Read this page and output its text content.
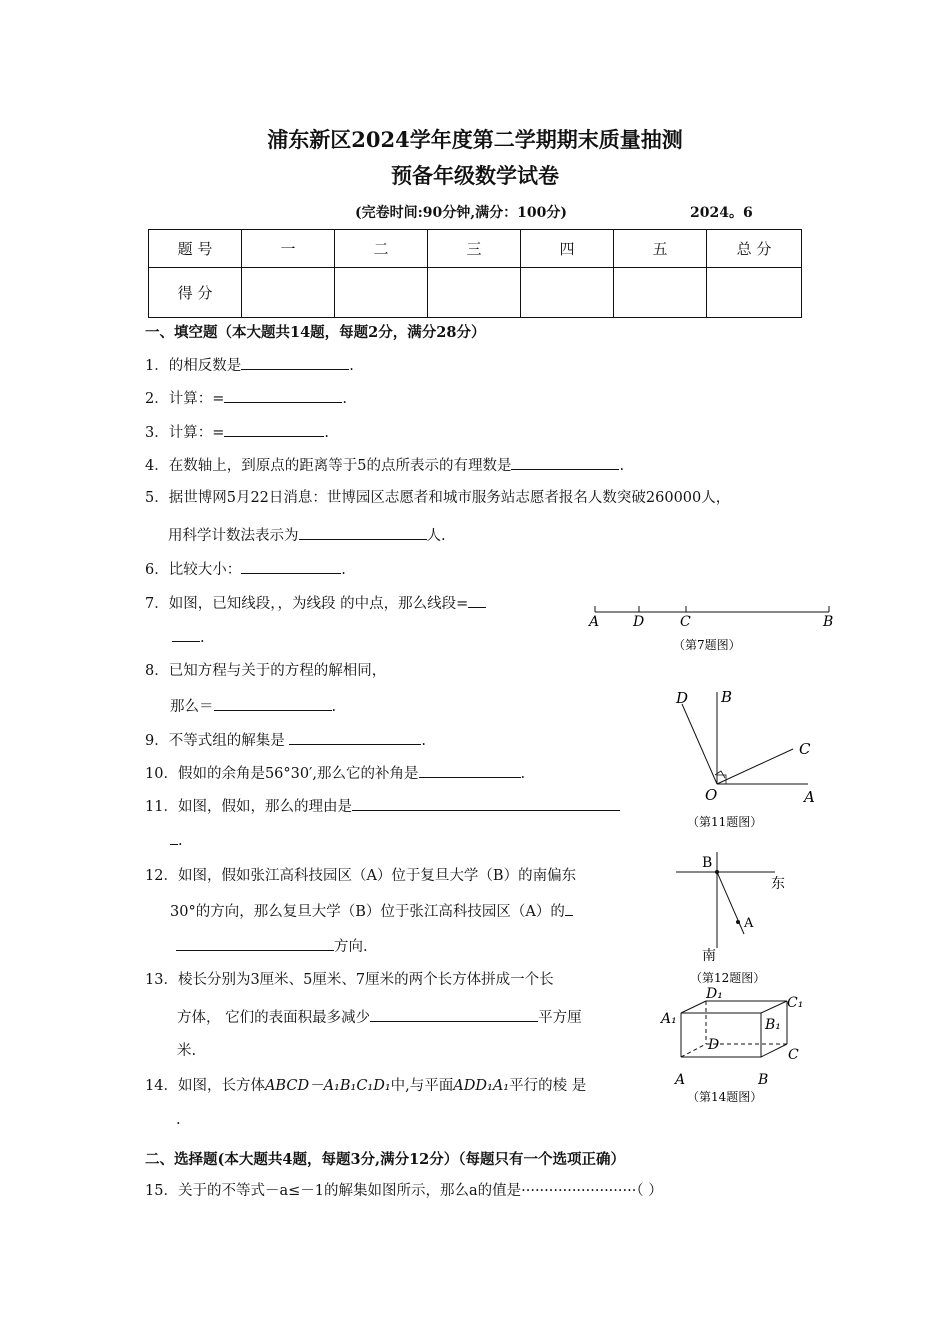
浦东新区2024学年度第二学期期末质量抽测
预备年级数学试卷
(完卷时间:90分钟,满分：100分)	2024。6
题 号	一	二	三	四	五	总 分
得 分						
一、填空题（本大题共14题，每题2分，满分28分）
1．的相反数是	.
2．计算：=	.
3．计算：=	.
4．在数轴上，到原点的距离等于5的点所表示的有理数是	.
5．据世博网5月22日消息：世博园区志愿者和城市服务站志愿者报名人数突破260000人，
用科学计数法表示为	人.
6．比较大小：	.
7．如图，已知线段，，为线段 的中点，那么线段=
.
8．已知方程与关于的方程的解相同，
那么＝	.
9．不等式组的解集是	.
10．假如的余角是56°30′,那么它的补角是	.
11．如图，假如，那么的理由是
.
12．如图，假如张江高科技园区（A）位于复旦大学（B）的南偏东
30°的方向，那么复旦大学（B）位于张江高科技园区（A）的
方向.
13．棱长分别为3厘米、5厘米、7厘米的两个长方体拼成一个长
方体， 它们的表面积最多减少	平方厘
米.
14．如图，长方体ABCD－A₁B₁C₁D₁中,与平面ADD₁A₁平行的棱 是
.
二、选择题(本大题共4题，每题3分,满分12分）（每题只有一个选项正确）
15．关于的不等式－a≤－1的解集如图所示，那么a的值是·························（ ）
A D	C	B
（第7题图）
D B
C
O	A
（第11题图）
B
东
A
南
（第12题图）
D₁
C₁
A₁	B₁
D
C
A	B
（第14题图）
